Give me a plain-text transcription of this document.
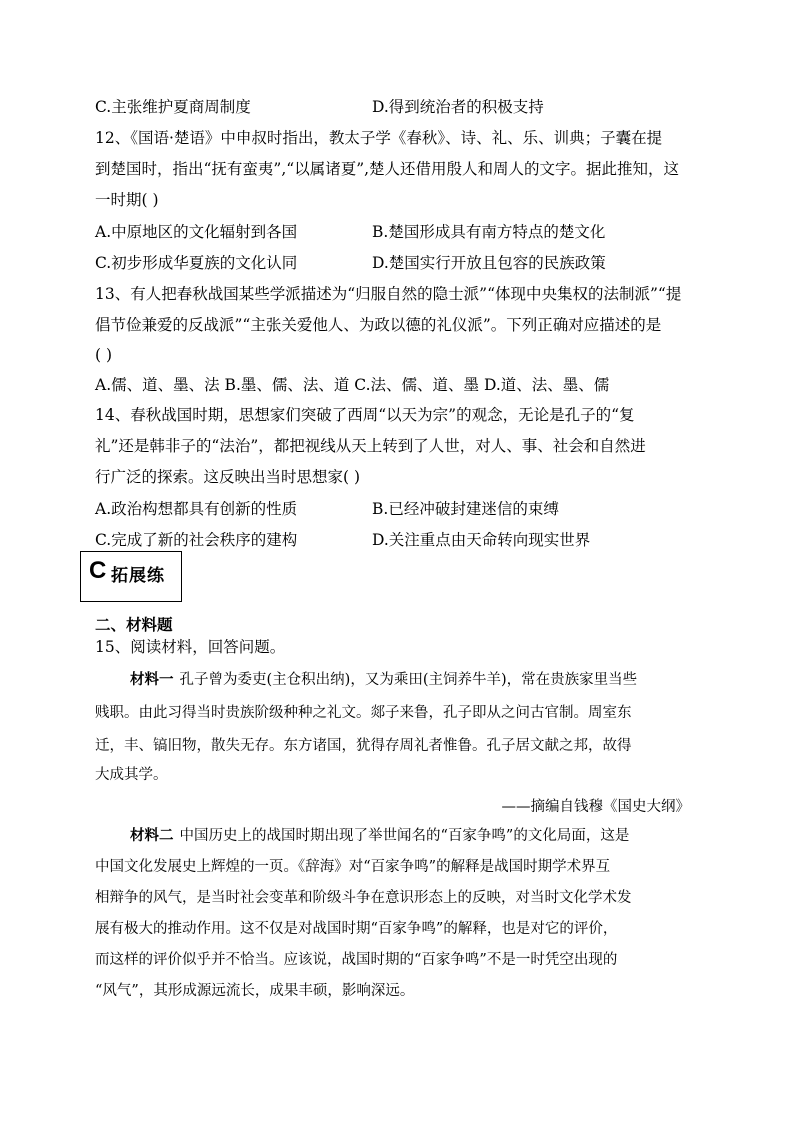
C.主张维护夏商周制度	D.得到统治者的积极支持
12、《国语·楚语》中申叔时指出，教太子学《春秋》、诗、礼、乐、训典；子囊在提
到楚国时，指出“抚有蛮夷”,“以属诸夏”,楚人还借用殷人和周人的文字。据此推知，这
一时期( )
A.中原地区的文化辐射到各国	B.楚国形成具有南方特点的楚文化
C.初步形成华夏族的文化认同	D.楚国实行开放且包容的民族政策
13、有人把春秋战国某些学派描述为“归服自然的隐士派”“体现中央集权的法制派”“提
倡节俭兼爱的反战派”“主张关爱他人、为政以德的礼仪派”。下列正确对应描述的是
( )
A.儒、道、墨、法 B.墨、儒、法、道 C.法、儒、道、墨 D.道、法、墨、儒
14、春秋战国时期，思想家们突破了西周“以天为宗”的观念，无论是孔子的“复
礼”还是韩非子的“法治”，都把视线从天上转到了人世，对人、事、社会和自然进
行广泛的探索。这反映出当时思想家( )
A.政治构想都具有创新的性质	B.已经冲破封建迷信的束缚
C.完成了新的社会秩序的建构	D.关注重点由天命转向现实世界
C 拓展练
二、材料题
15、阅读材料，回答问题。
材料一 孔子曾为委吏(主仓积出纳)，又为乘田(主饲养牛羊)，常在贵族家里当些
贱职。由此习得当时贵族阶级种种之礼文。郯子来鲁，孔子即从之问古官制。周室东
迁，丰、镐旧物，散失无存。东方诸国，犹得存周礼者惟鲁。孔子居文献之邦，故得
大成其学。
——摘编自钱穆《国史大纲》
材料二 中国历史上的战国时期出现了举世闻名的“百家争鸣”的文化局面，这是
中国文化发展史上辉煌的一页。《辞海》对“百家争鸣”的解释是战国时期学术界互
相辩争的风气，是当时社会变革和阶级斗争在意识形态上的反映，对当时文化学术发
展有极大的推动作用。这不仅是对战国时期“百家争鸣”的解释，也是对它的评价，
而这样的评价似乎并不恰当。应该说，战国时期的“百家争鸣”不是一时凭空出现的
“风气”，其形成源远流长，成果丰硕，影响深远。
